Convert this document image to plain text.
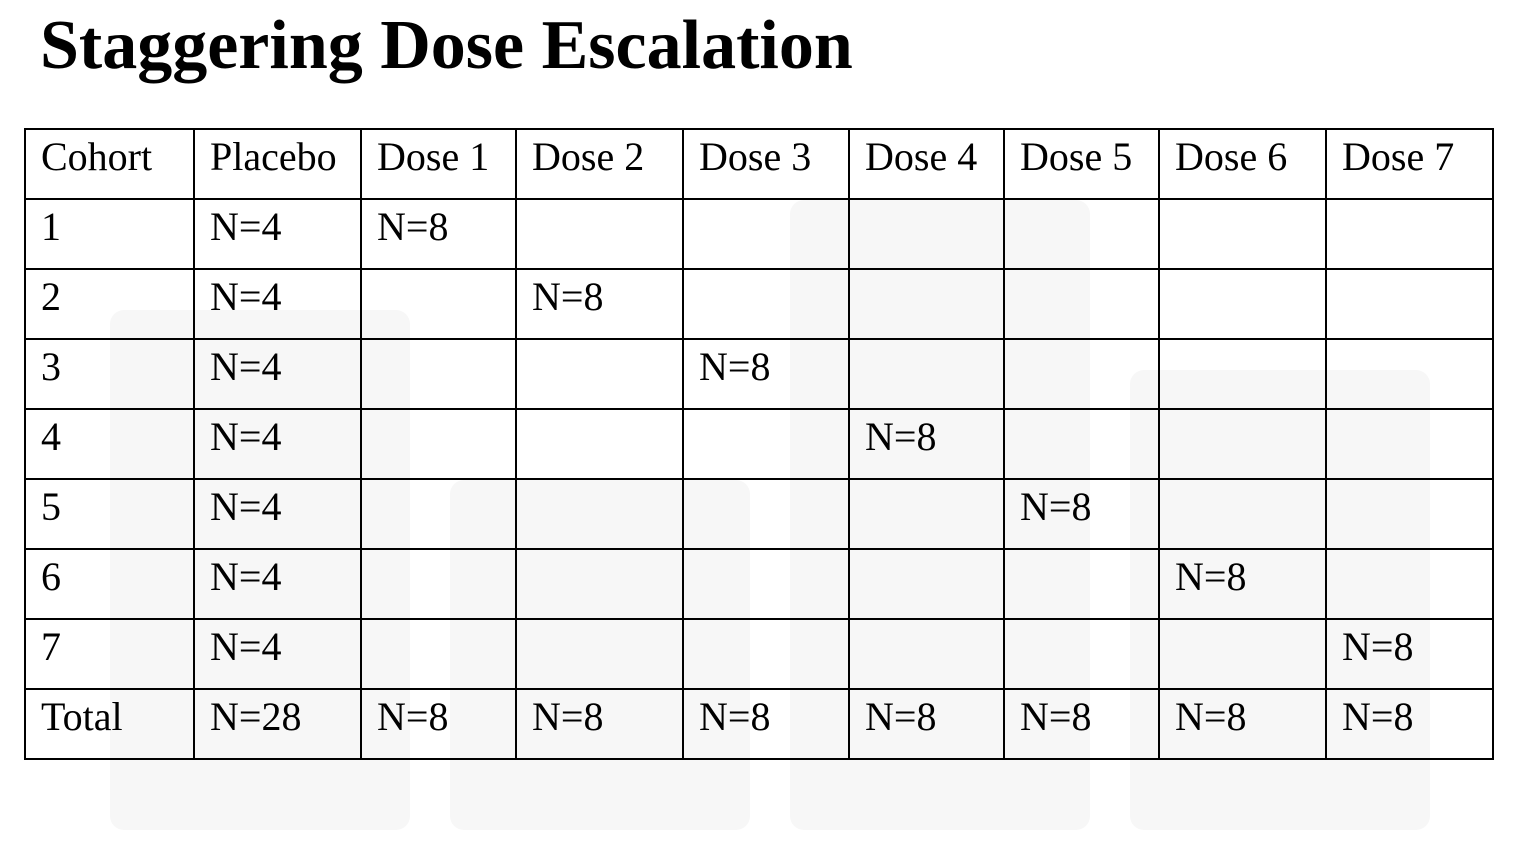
Staggering Dose Escalation
Cohort	Placebo	Dose 1	Dose 2	Dose 3	Dose 4	Dose 5	Dose 6	Dose 7
1	N=4	N=8						
2	N=4		N=8					
3	N=4			N=8				
4	N=4				N=8			
5	N=4					N=8		
6	N=4						N=8	
7	N=4							N=8
Total	N=28	N=8	N=8	N=8	N=8	N=8	N=8	N=8
